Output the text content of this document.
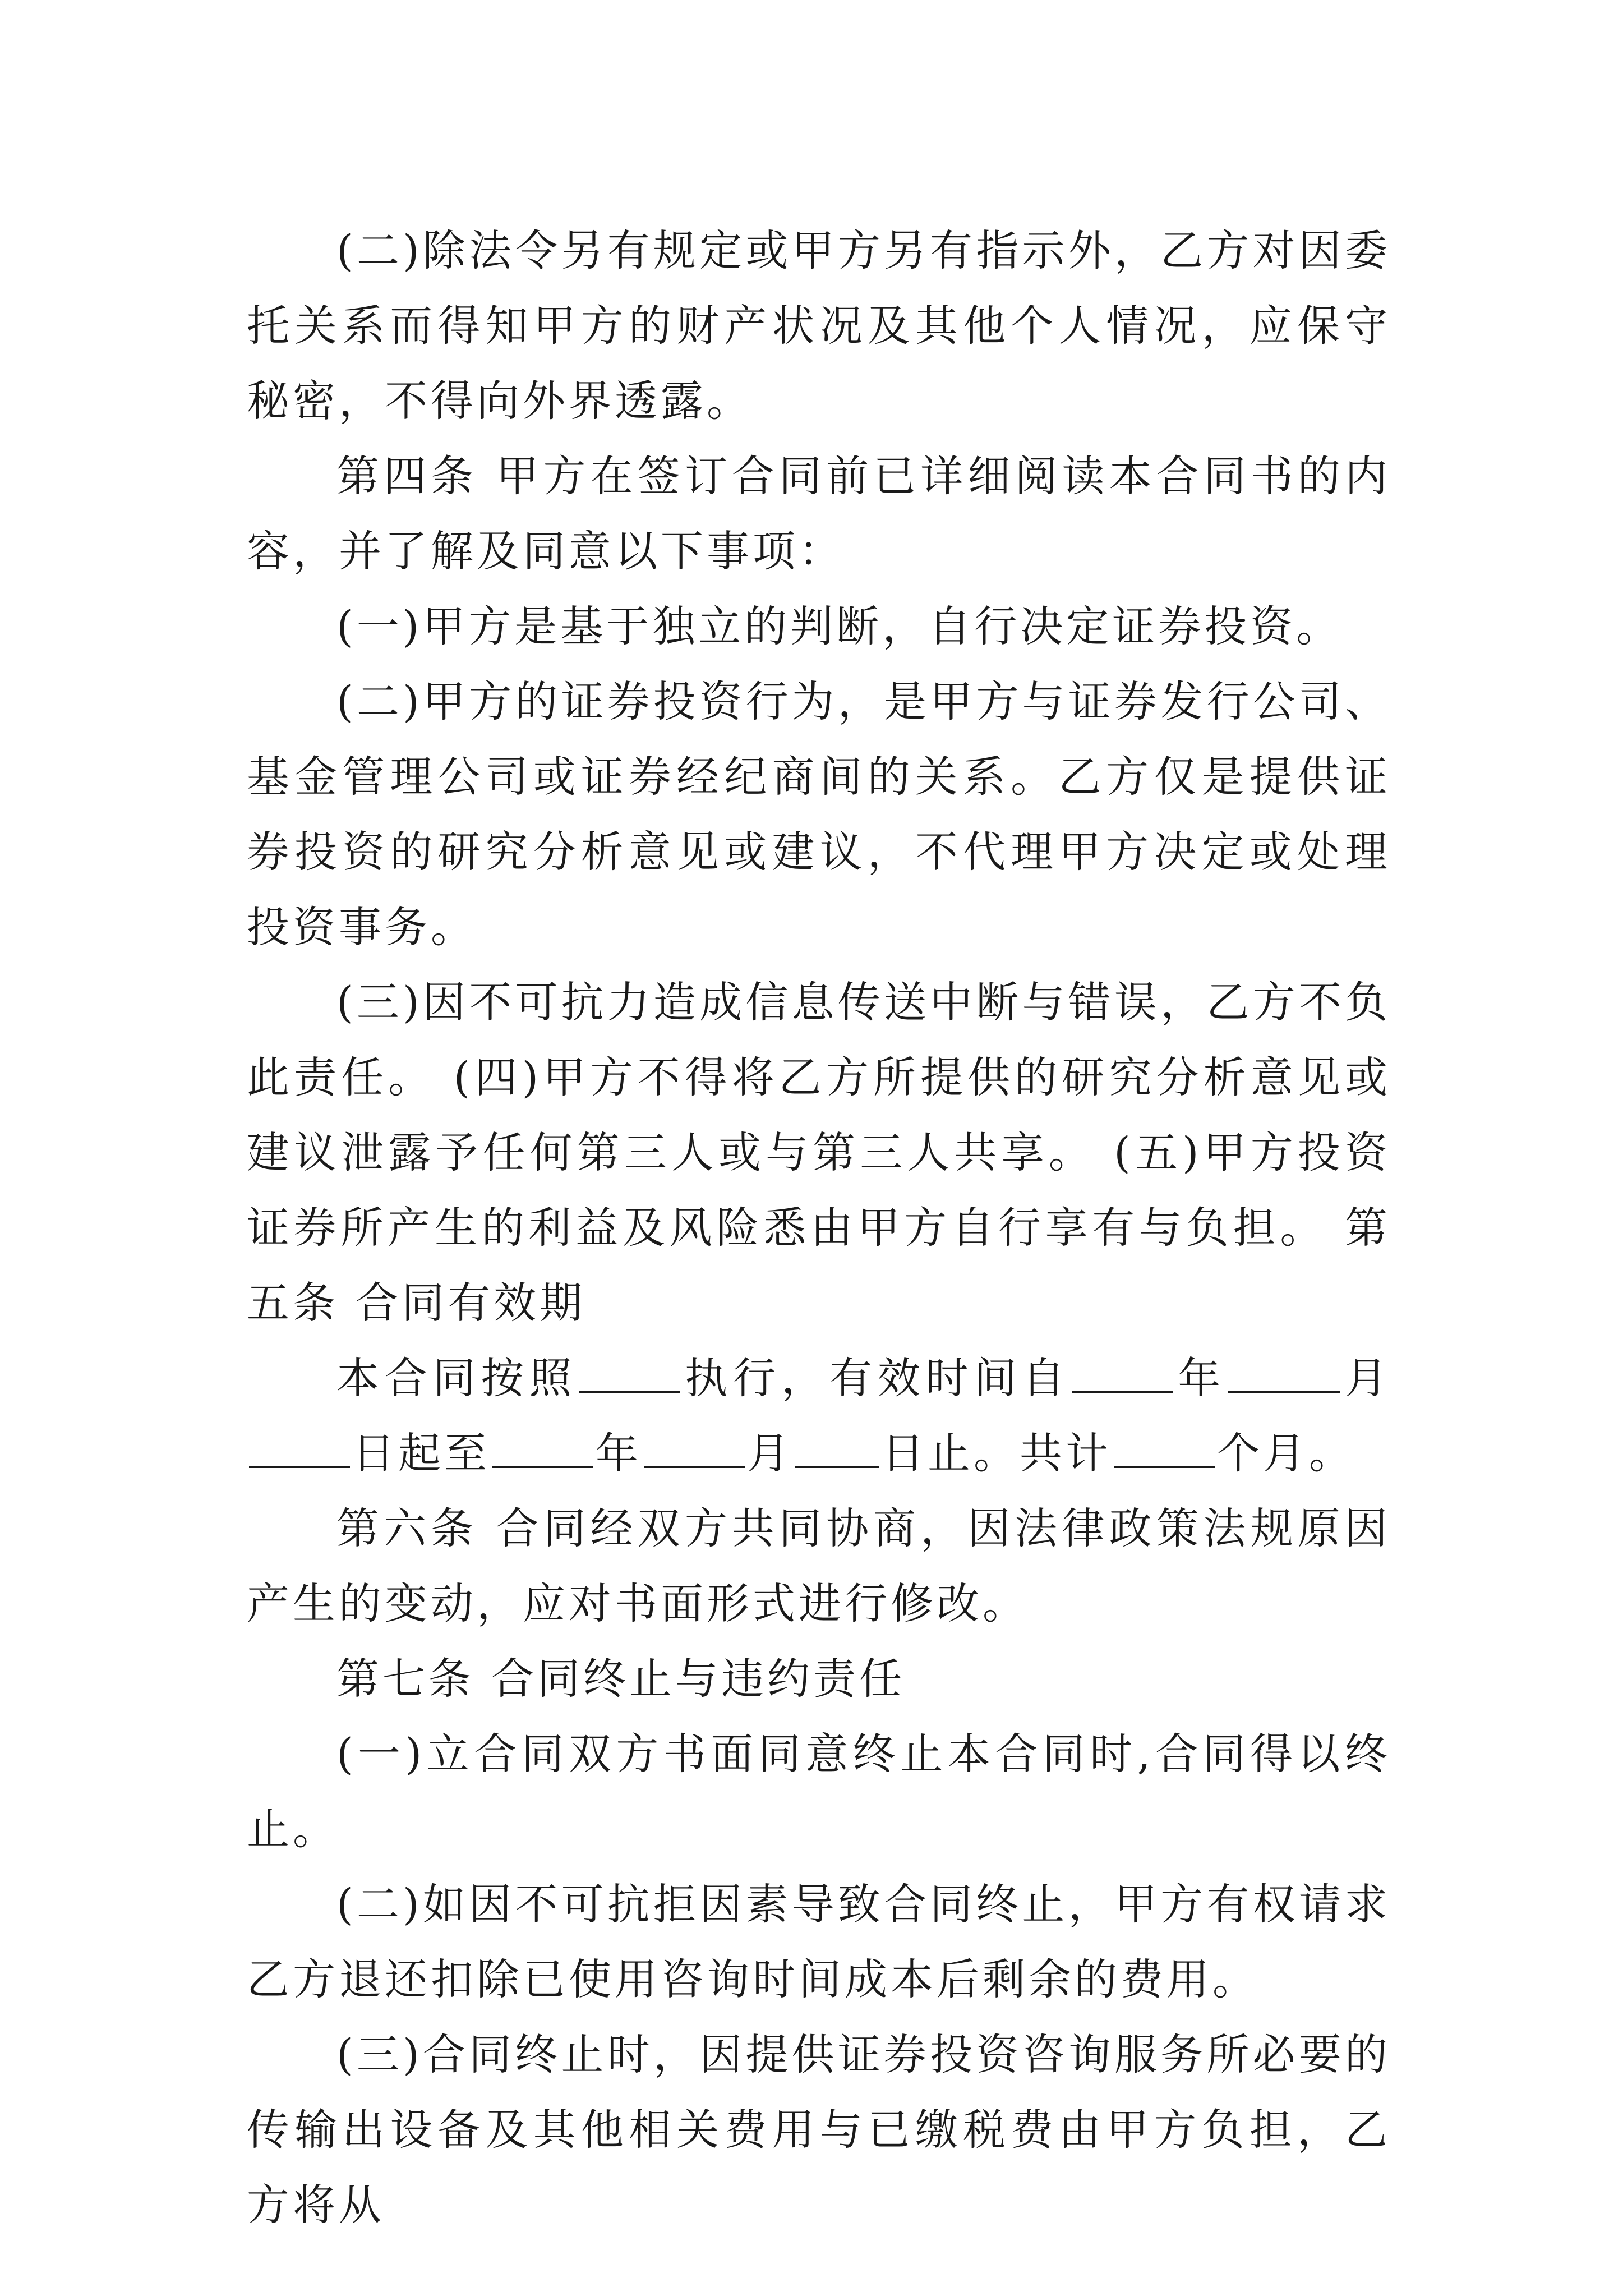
(二)除法令另有规定或甲方另有指示外，乙方对因委托关系而得知甲方的财产状况及其他个人情况，应保守秘密，不得向外界透露。

第四条 甲方在签订合同前已详细阅读本合同书的内容，并了解及同意以下事项：

(一)甲方是基于独立的判断，自行决定证券投资。

(二)甲方的证券投资行为，是甲方与证券发行公司、基金管理公司或证券经纪商间的关系。乙方仅是提供证券投资的研究分析意见或建议，不代理甲方决定或处理投资事务。

(三)因不可抗力造成信息传送中断与错误，乙方不负此责任。 (四)甲方不得将乙方所提供的研究分析意见或建议泄露予任何第三人或与第三人共享。 (五)甲方投资证券所产生的利益及风险悉由甲方自行享有与负担。 第五条 合同有效期

本合同按照 执行，有效时间自 年	月日起至 年 月 日止。共计 个月。

第六条 合同经双方共同协商，因法律政策法规原因产生的变动，应对书面形式进行修改。

第七条 合同终止与违约责任

(一)立合同双方书面同意终止本合同时,合同得以终止。

(二)如因不可抗拒因素导致合同终止，甲方有权请求乙方退还扣除已使用咨询时间成本后剩余的费用。

(三)合同终止时，因提供证券投资咨询服务所必要的传输出设备及其他相关费用与已缴税费由甲方负担，乙方将从
